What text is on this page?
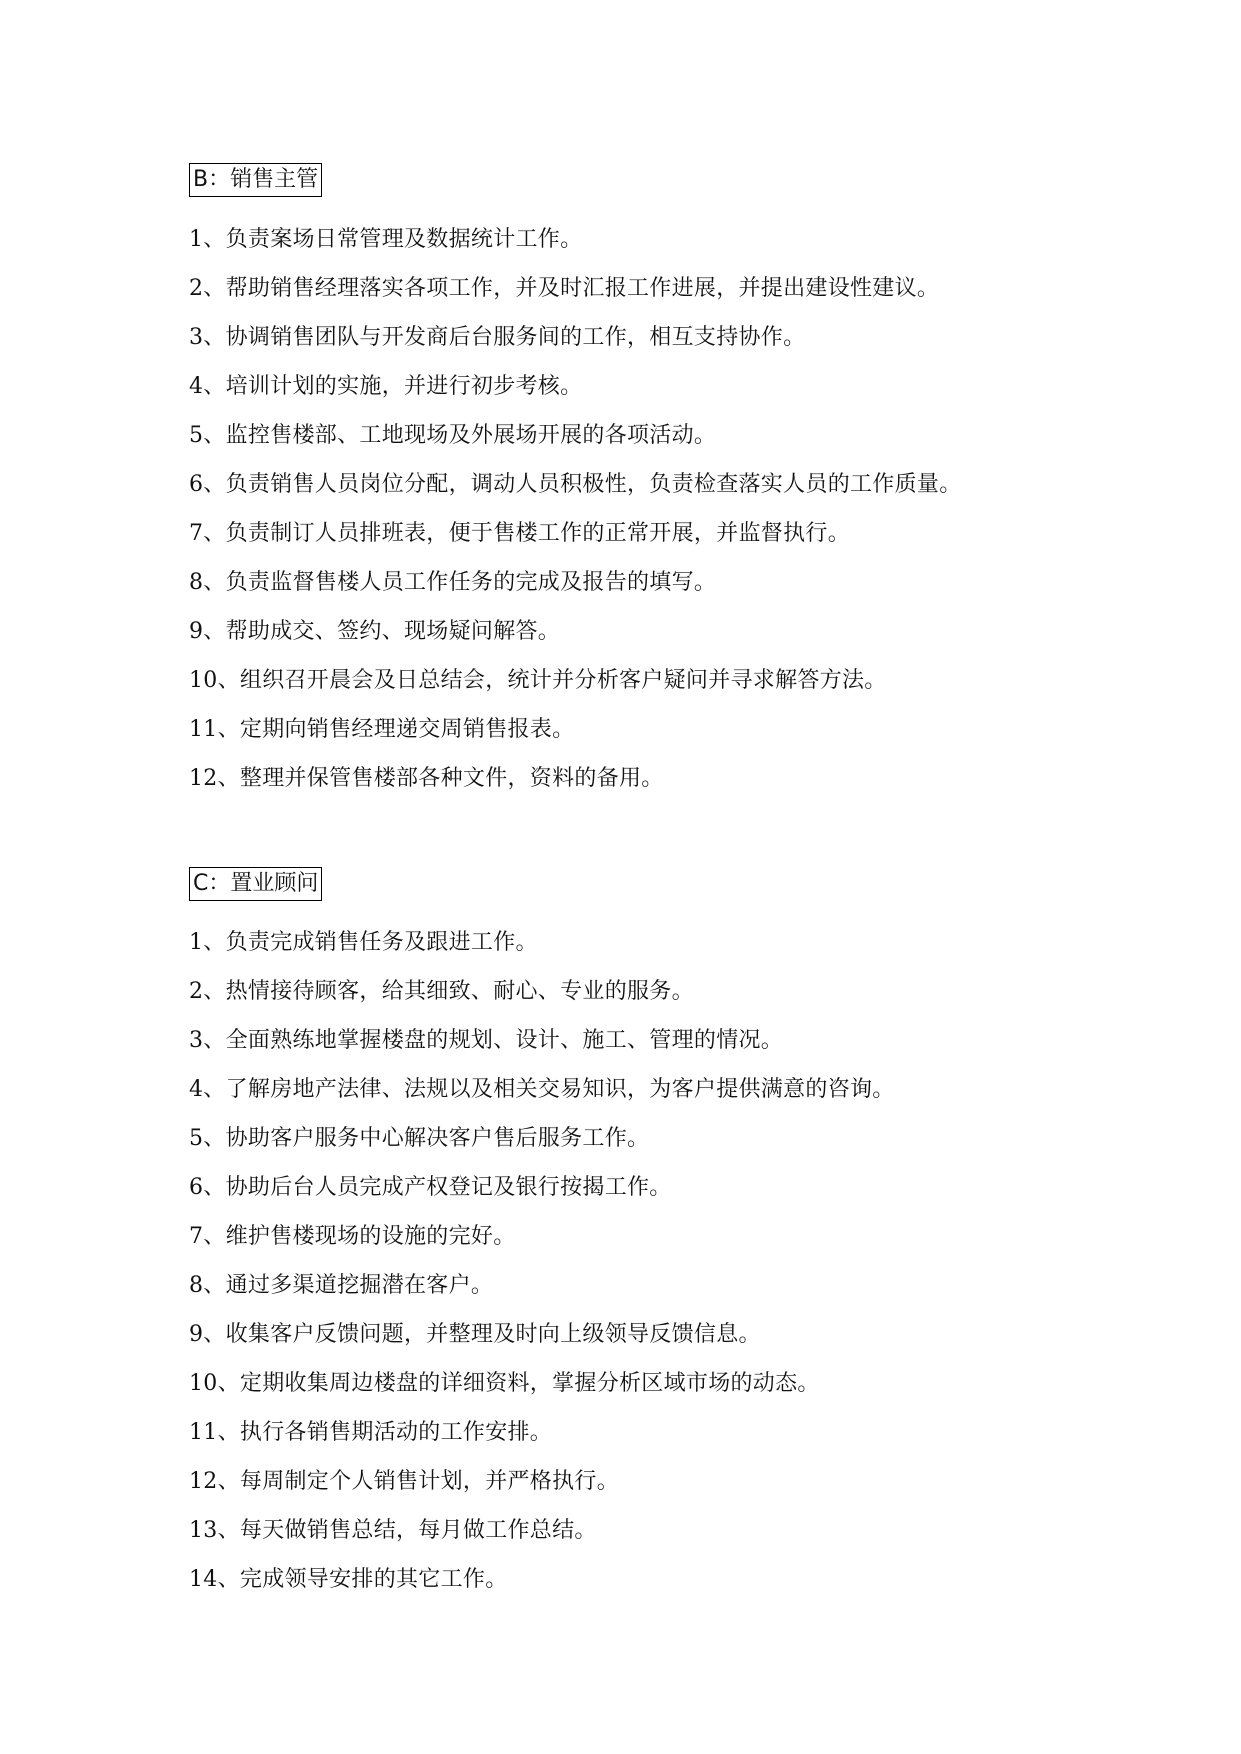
B：销售主管
1、负责案场日常管理及数据统计工作。
2、帮助销售经理落实各项工作，并及时汇报工作进展，并提出建设性建议。
3、协调销售团队与开发商后台服务间的工作，相互支持协作。
4、培训计划的实施，并进行初步考核。
5、监控售楼部、工地现场及外展场开展的各项活动。
6、负责销售人员岗位分配，调动人员积极性，负责检查落实人员的工作质量。
7、负责制订人员排班表，便于售楼工作的正常开展，并监督执行。
8、负责监督售楼人员工作任务的完成及报告的填写。
9、帮助成交、签约、现场疑问解答。
10、组织召开晨会及日总结会，统计并分析客户疑问并寻求解答方法。
11、定期向销售经理递交周销售报表。
12、整理并保管售楼部各种文件，资料的备用。
C：置业顾问
1、负责完成销售任务及跟进工作。
2、热情接待顾客，给其细致、耐心、专业的服务。
3、全面熟练地掌握楼盘的规划、设计、施工、管理的情况。
4、了解房地产法律、法规以及相关交易知识，为客户提供满意的咨询。
5、协助客户服务中心解决客户售后服务工作。
6、协助后台人员完成产权登记及银行按揭工作。
7、维护售楼现场的设施的完好。
8、通过多渠道挖掘潜在客户。
9、收集客户反馈问题，并整理及时向上级领导反馈信息。
10、定期收集周边楼盘的详细资料，掌握分析区域市场的动态。
11、执行各销售期活动的工作安排。
12、每周制定个人销售计划，并严格执行。
13、每天做销售总结，每月做工作总结。
14、完成领导安排的其它工作。
